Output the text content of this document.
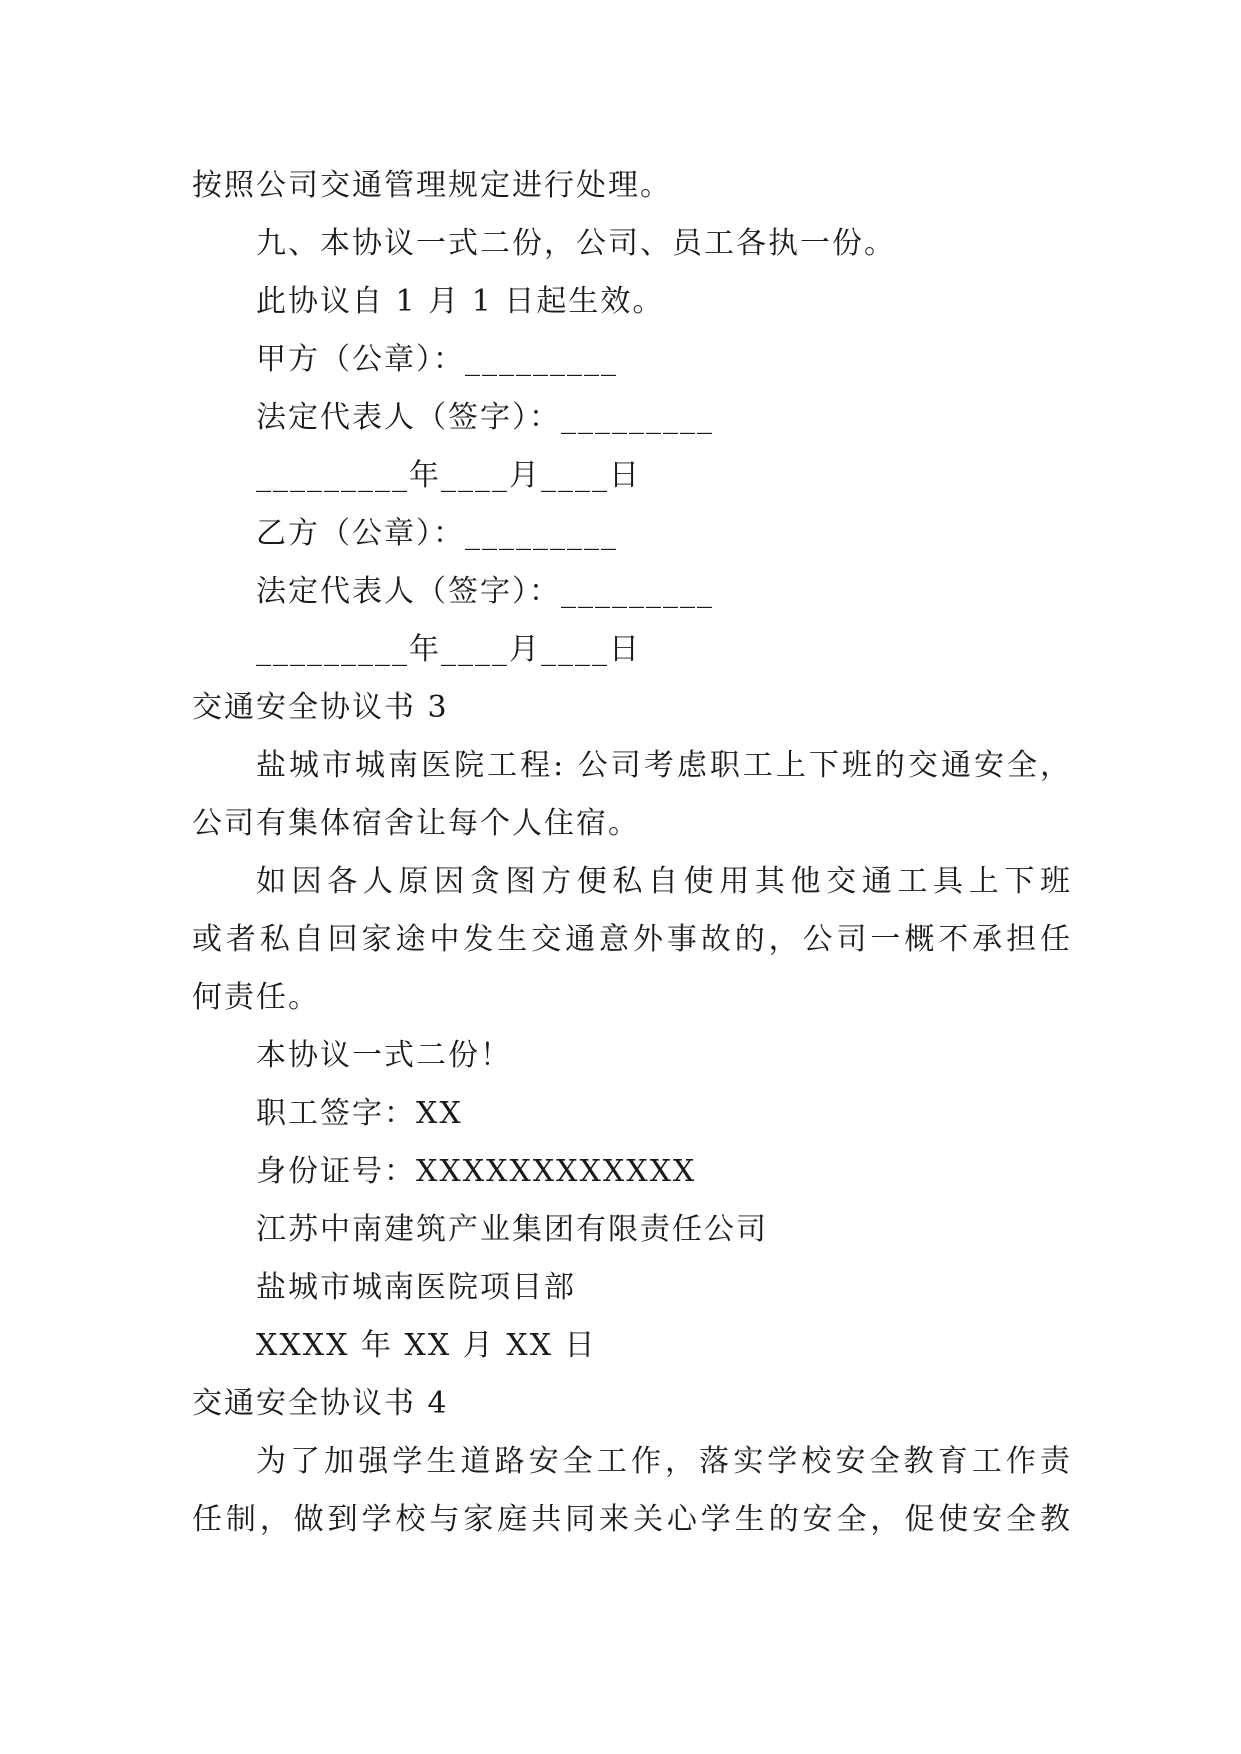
按照公司交通管理规定进行处理。
九、本协议一式二份，公司、员工各执一份。
此协议自 1 月 1 日起生效。
甲方（公章）：_________
法定代表人（签字）：_________
_________年____月____日
乙方（公章）：_________
法定代表人（签字）：_________
_________年____月____日
交通安全协议书 3
盐城市城南医院工程: 公司考虑职工上下班的交通安全，
公司有集体宿舍让每个人住宿。
如因各人原因贪图方便私自使用其他交通工具上下班
或者私自回家途中发生交通意外事故的，公司一概不承担任
何责任。
本协议一式二份！
职工签字：XX
身份证号：XXXXXXXXXXXX
江苏中南建筑产业集团有限责任公司
盐城市城南医院项目部
XXXX 年 XX 月 XX 日
交通安全协议书 4
为了加强学生道路安全工作，落实学校安全教育工作责
任制，做到学校与家庭共同来关心学生的安全，促使安全教
